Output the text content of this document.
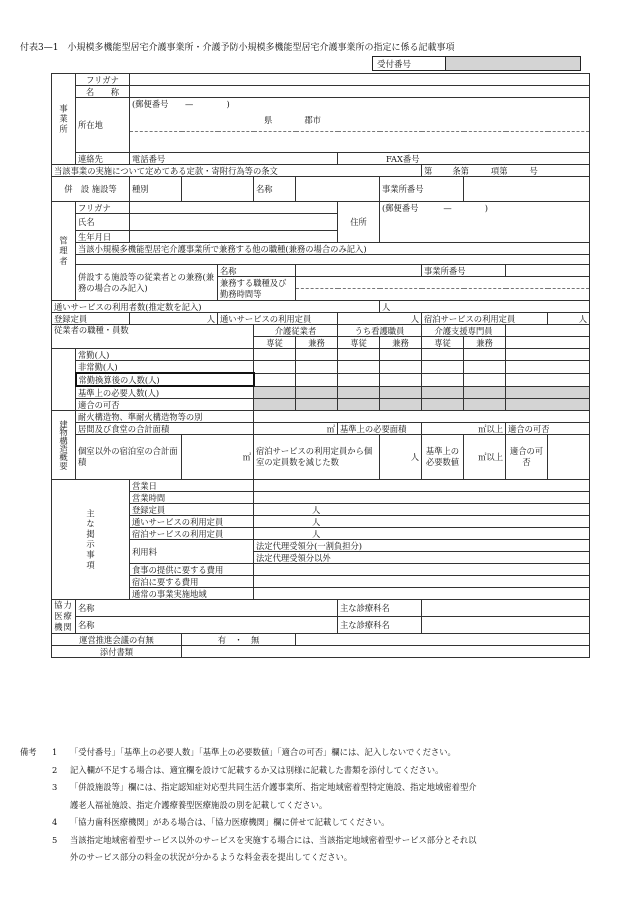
付表3—1　小規模多機能型居宅介護事業所・介護予防小規模多機能型居宅介護事業所の指定に係る記載事項
受付番号	
事業所	フリガナ											
	名　　称											
	所在地	(郵便番号　　—　　　　)										
		県 郡市										

	連絡先	電話番号					FAX番号					
当該事業の実施について定めてある定款・寄附行為等の条文									第 条第 項第 号			
併　設 施設等		種別			名称			事業所番号				
管理者	フリガナ						住所	(郵便番号　　　—　　　　)				
	氏名											
	生年月日											
	当該小規模多機能型居宅介護事業所で兼務する他の職種(兼務の場合のみ記入)											

	併設する施設等の従業者との兼務(兼務の場合のみ記入)			名称					事業所番号			
				兼務する職種及び勤務時間等								

通いサービスの利用者数(推定数を記入)								人				
登録定員		人		通いサービスの利用定員			人		宿泊サービスの利用定員			人
従業者の職種・員数					介護従業者		うち看護職員		介護支援専門員			
					専従	兼務	専従	兼務	専従	兼務		
	常勤(人)											
	非常勤(人)											
	常勤換算後の人数(人)											
	基準上の必要人数(人)											
	適合の可否											
建物構造概要	耐火構造物、準耐火構造物等の別											
	居間及び食堂の合計面積				㎡		基準上の必要面積		㎡以上		適合の可否	
	個室以外の宿泊室の合計面積		㎡		宿泊サービスの利用定員から個室の定員数を減じた数			人	基準上の必要数値	㎡以上	適合の可否	

主な掲示事項		営業日										
		営業時間										
		登録定員			人							
		通いサービスの利用定員			人							
		宿泊サービスの利用定員			人							
		利用料			法定代理受領分(一割負担分)							
					法定代理受領分以外							
		食事の提供に要する費用										
		宿泊に要する費用										
		通常の事業実施地域										
協力医療機関	名称						主な診療科名					
	名称						主な診療科名					
運営推進会議の有無			有　・　無									
添付書類												
備考	1	「受付番号」「基準上の必要人数」「基準上の必要数値」「適合の可否」欄には、記入しないでください。
2	記入欄が不足する場合は、適宜欄を設けて記載するか又は別様に記載した書類を添付してください。
3	「併設施設等」欄には、指定認知症対応型共同生活介護事業所、指定地域密着型特定施設、指定地域密着型介
護老人福祉施設、指定介護療養型医療施設の別を記載してください。
4	「協力歯科医療機関」がある場合は、「協力医療機関」欄に併せて記載してください。
5	当該指定地域密着型サービス以外のサービスを実施する場合には、当該指定地域密着型サービス部分とそれ以
外のサービス部分の料金の状況が分かるような料金表を提出してください。
